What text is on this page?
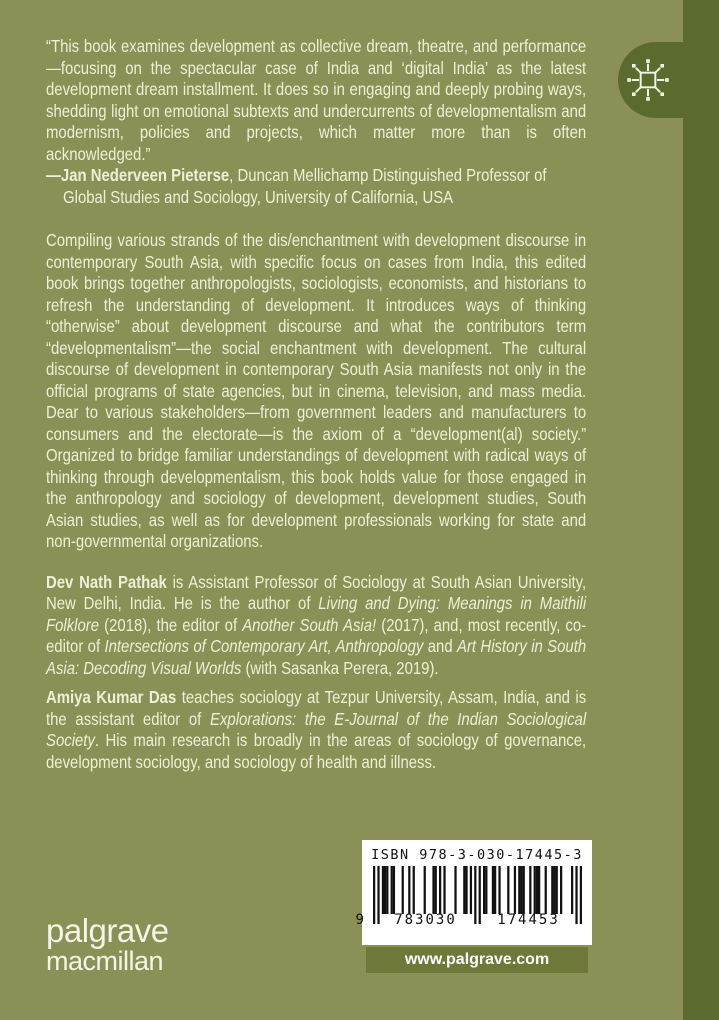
“This book examines development as collective dream, theatre, and performance—focusing on the spectacular case of India and ‘digital India’ as the latest development dream installment. It does so in engaging and deeply probing ways, shedding light on emotional subtexts and undercurrents of developmentalism and modernism, policies and projects, which matter more than is often acknowledged.”

—Jan Nederveen Pieterse, Duncan Mellichamp Distinguished Professor of Global Studies and Sociology, University of California, USA

Compiling various strands of the dis/enchantment with development discourse in contemporary South Asia, with specific focus on cases from India, this edited book brings together anthropologists, sociologists, economists, and historians to refresh the understanding of development. It introduces ways of thinking “otherwise” about development discourse and what the contributors term “developmentalism”—the social enchantment with development. The cultural discourse of development in contemporary South Asia manifests not only in the official programs of state agencies, but in cinema, television, and mass media. Dear to various stakeholders—from government leaders and manufacturers to consumers and the electorate—is the axiom of a “development(al) society.” Organized to bridge familiar understandings of development with radical ways of thinking through developmentalism, this book holds value for those engaged in the anthropology and sociology of development, development studies, South Asian studies, as well as for development professionals working for state and non-governmental organizations.

Dev Nath Pathak is Assistant Professor of Sociology at South Asian University, New Delhi, India. He is the author of Living and Dying: Meanings in Maithili Folklore (2018), the editor of Another South Asia! (2017), and, most recently, co-editor of Intersections of Contemporary Art, Anthropology and Art History in South Asia: Decoding Visual Worlds (with Sasanka Perera, 2019).

Amiya Kumar Das teaches sociology at Tezpur University, Assam, India, and is the assistant editor of Explorations: the E-Journal of the Indian Sociological Society. His main research is broadly in the areas of sociology of governance, development sociology, and sociology of health and illness.

palgrave
macmillan
ISBN 978-3-030-17445-3
9	783030	174453
www.palgrave.com
